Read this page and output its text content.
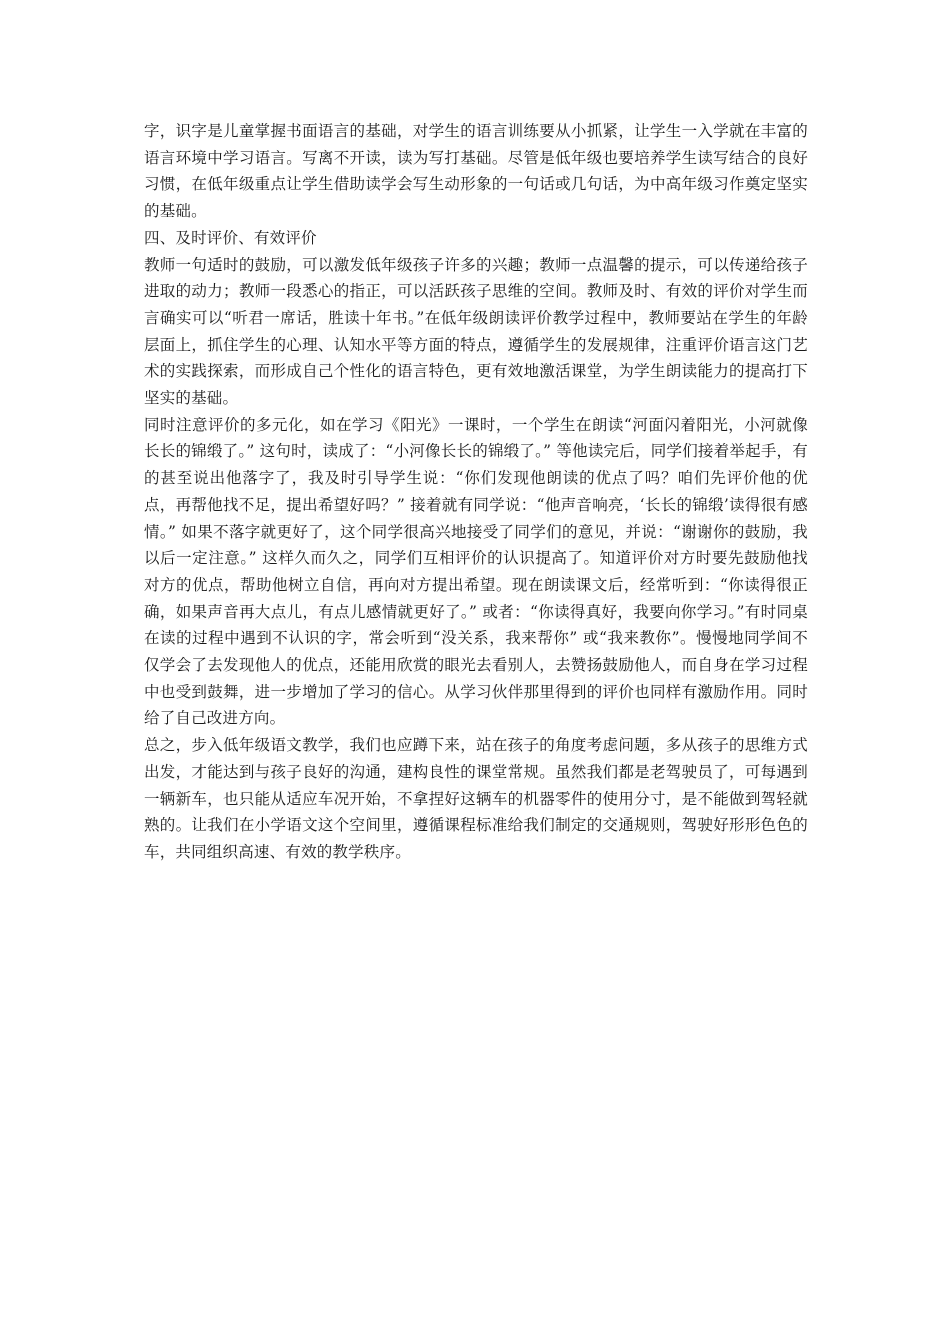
字，识字是儿童掌握书面语言的基础，对学生的语言训练要从小抓紧，让学生一入学就在丰富的语言环境中学习语言。写离不开读，读为写打基础。尽管是低年级也要培养学生读写结合的良好习惯，在低年级重点让学生借助读学会写生动形象的一句话或几句话，为中高年级习作奠定坚实的基础。

四、及时评价、有效评价

教师一句适时的鼓励，可以激发低年级孩子许多的兴趣；教师一点温馨的提示，可以传递给孩子进取的动力；教师一段悉心的指正，可以活跃孩子思维的空间。教师及时、有效的评价对学生而言确实可以“听君一席话，胜读十年书。”在低年级朗读评价教学过程中，教师要站在学生的年龄层面上，抓住学生的心理、认知水平等方面的特点，遵循学生的发展规律，注重评价语言这门艺术的实践探索，而形成自己个性化的语言特色，更有效地激活课堂，为学生朗读能力的提高打下坚实的基础。

同时注意评价的多元化，如在学习《阳光》一课时，一个学生在朗读“河面闪着阳光，小河就像长长的锦缎了。” 这句时，读成了：“小河像长长的锦缎了。” 等他读完后，同学们接着举起手，有的甚至说出他落字了，我及时引导学生说：“你们发现他朗读的优点了吗？咱们先评价他的优点，再帮他找不足，提出希望好吗？” 接着就有同学说：“他声音响亮，‘长长的锦缎’读得很有感情。” 如果不落字就更好了，这个同学很高兴地接受了同学们的意见，并说：“谢谢你的鼓励，我以后一定注意。” 这样久而久之，同学们互相评价的认识提高了。知道评价对方时要先鼓励他找对方的优点，帮助他树立自信，再向对方提出希望。现在朗读课文后，经常听到：“你读得很正确，如果声音再大点儿，有点儿感情就更好了。” 或者：“你读得真好，我要向你学习。”有时同桌在读的过程中遇到不认识的字，常会听到“没关系，我来帮你” 或“我来教你”。慢慢地同学间不仅学会了去发现他人的优点，还能用欣赏的眼光去看别人，去赞扬鼓励他人，而自身在学习过程中也受到鼓舞，进一步增加了学习的信心。从学习伙伴那里得到的评价也同样有激励作用。同时给了自己改进方向。

总之，步入低年级语文教学，我们也应蹲下来，站在孩子的角度考虑问题，多从孩子的思维方式出发，才能达到与孩子良好的沟通，建构良性的课堂常规。虽然我们都是老驾驶员了，可每遇到一辆新车，也只能从适应车况开始，不拿捏好这辆车的机器零件的使用分寸，是不能做到驾轻就熟的。让我们在小学语文这个空间里，遵循课程标准给我们制定的交通规则，驾驶好形形色色的车，共同组织高速、有效的教学秩序。
